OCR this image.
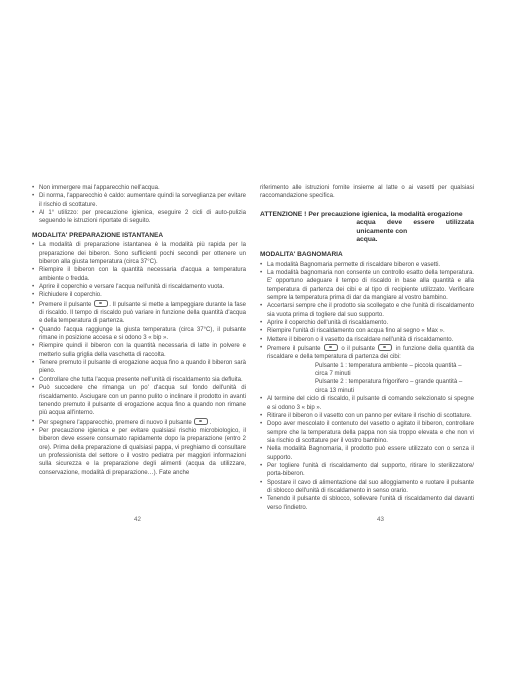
• Non immergere mai l'apparecchio nell'acqua.
• Di norma, l'apparecchio è caldo: aumentare quindi la sorveglianza per evitare il rischio di scottature.
• Al 1° utilizzo: per precauzione igienica, eseguire 2 cicli di auto-pulizia seguendo le istruzioni riportate di seguito.
MODALITA' PREPARAZIONE ISTANTANEA
• La modalità di preparazione istantanea è la modalità più rapida per la preparazione dei biberon. Sono sufficienti pochi secondi per ottenere un biberon alla giusta temperatura (circa 37°C).
• Riempire il biberon con la quantità necessaria d'acqua a temperatura ambiente o fredda.
• Aprire il coperchio e versare l'acqua nell'unità di riscaldamento vuota.
• Richiudere il coperchio.
• Premere il pulsante	. Il pulsante si mette a lampeggiare durante la fase di riscaldo. Il tempo di riscaldo può variare in funzione della quantità d'acqua e della temperatura di partenza.
• Quando l'acqua raggiunge la giusta temperatura (circa 37°C), il pulsante rimane in posizione accesa e si odono 3 « bip ».
• Riempire quindi il biberon con la quantità necessaria di latte in polvere e metterlo sulla griglia della vaschetta di raccolta.
• Tenere premuto il pulsante di erogazione acqua fino a quando il biberon sarà pieno.
• Controllare che tutta l'acqua presente nell'unità di riscaldamento sia defluita.
• Può succedere che rimanga un po' d'acqua sul fondo dell'unità di riscaldamento. Asciugare con un panno pulito o inclinare il prodotto in avanti tenendo premuto il pulsante di erogazione acqua fino a quando non rimane più acqua all'interno.
• Per spegnere l'apparecchio, premere di nuovo il pulsante	.
• Per precauzione igienica e per evitare qualsiasi rischio microbiologico, il biberon deve essere consumato rapidamente dopo la preparazione (entro 2 ore). Prima della preparazione di qualsiasi pappa, vi preghiamo di consultare un professionista del settore o il vostro pediatra per maggiori informazioni sulla sicurezza e la preparazione degli alimenti (acqua da utilizzare, conservazione, modalità di preparazione…). Fate anche
riferimento alle istruzioni fornite insieme al latte o ai vasetti per qualsiasi raccomandazione specifica.
ATTENZIONE ! Per precauzione igienica, la modalità erogazione
acqua deve essere utilizzata unicamente con
acqua.
MODALITA' BAGNOMARIA
• La modalità Bagnomaria permette di riscaldare biberon e vasetti.
• La modalità bagnomaria non consente un controllo esatto della temperatura. E' opportuno adeguare il tempo di riscaldo in base alla quantità e alla temperatura di partenza dei cibi e al tipo di recipiente utilizzato. Verificare sempre la temperatura prima di dar da mangiare al vostro bambino.
• Accertarsi sempre che il prodotto sia scollegato e che l'unità di riscaldamento sia vuota prima di togliere dal suo supporto.
• Aprire il coperchio dell'unità di riscaldamento.
• Riempire l'unità di riscaldamento con acqua fino al segno « Max ».
• Mettere il biberon o il vasetto da riscaldare nell'unità di riscaldamento.
• Premere il pulsante	o il pulsante	in funzione della quantità da riscaldare e della temperatura di partenza dei cibi:
Pulsante 1 : temperatura ambiente – piccola quantità – circa 7 minuti
Pulsante 2 : temperatura frigorifero – grande quantità – circa 13 minuti
• Al termine del ciclo di riscaldo, il pulsante di comando selezionato si spegne e si odono 3 « bip ».
• Ritirare il biberon o il vasetto con un panno per evitare il rischio di scottature.
• Dopo aver mescolato il contenuto del vasetto o agitato il biberon, controllare sempre che la temperatura della pappa non sia troppo elevata e che non vi sia rischio di scottature per il vostro bambino.
• Nella modalità Bagnomaria, il prodotto può essere utilizzato con o senza il supporto.
• Per togliere l'unità di riscaldamento dal supporto, ritirare lo sterilizzatore/ porta-biberon.
• Spostare il cavo di alimentazione dal suo alloggiamento e ruotare il pulsante di sblocco dell'unità di riscaldamento in senso orario.
• Tenendo il pulsante di sblocco, sollevare l'unità di riscaldamento dal davanti verso l'indietro.
42	43
